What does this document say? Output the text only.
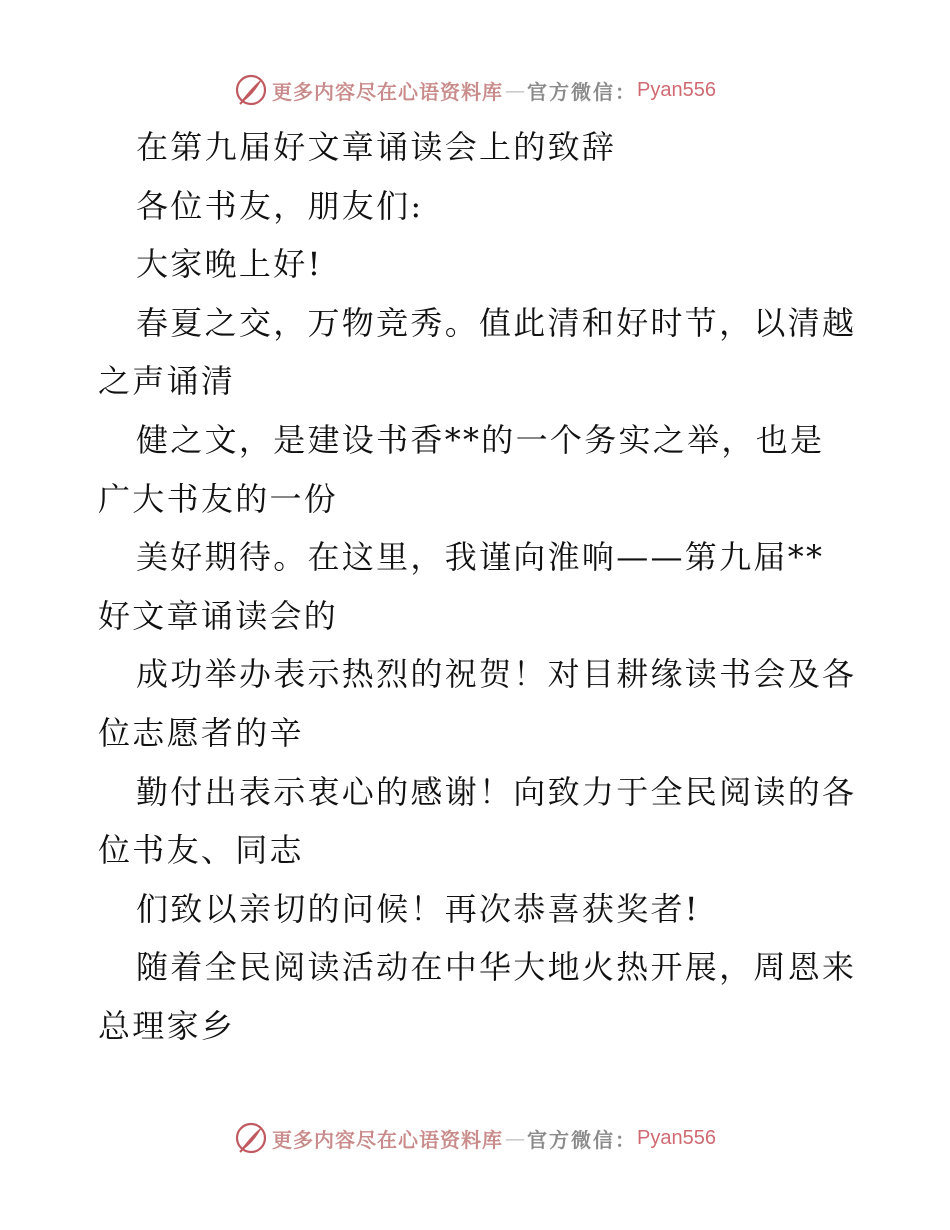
更多内容尽在心语资料库 — 官方微信： Pyan556

在第九届好文章诵读会上的致辞

各位书友，朋友们:

大家晚上好!

春夏之交，万物竞秀。值此清和好时节，以清越之声诵清

健之文，是建设书香**的一个务实之举，也是广大书友的一份

美好期待。在这里，我谨向淮响——第九届**好文章诵读会的

成功举办表示热烈的祝贺！对目耕缘读书会及各位志愿者的辛

勤付出表示衷心的感谢！向致力于全民阅读的各位书友、同志

们致以亲切的问候！再次恭喜获奖者!

随着全民阅读活动在中华大地火热开展，周恩来总理家乡

更多内容尽在心语资料库 — 官方微信： Pyan556
